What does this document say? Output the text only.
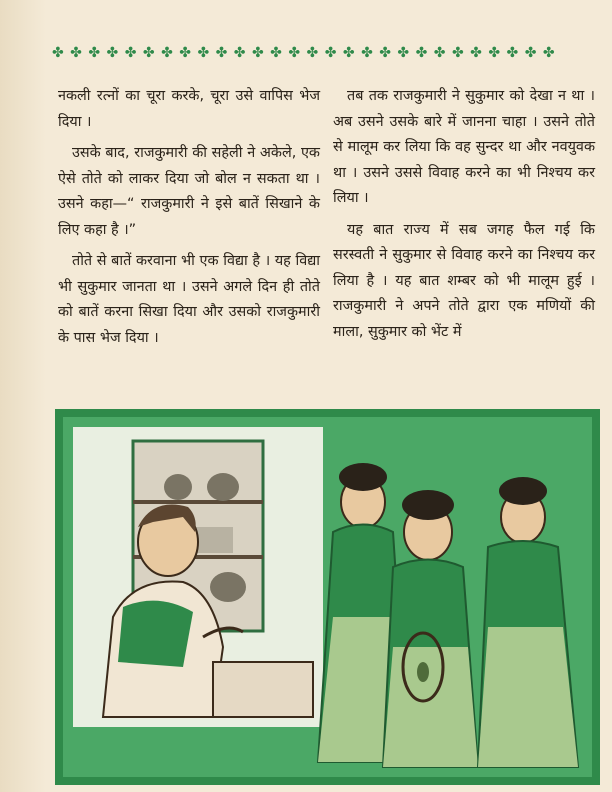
✤ ✤ ✤ ✤ ✤ ✤ ✤ ✤ ✤ ✤ ✤ ✤ ✤ ✤ ✤ ✤ ✤ ✤ ✤ ✤ ✤ ✤ ✤ ✤ ✤ ✤ ✤ ✤

नकली रत्नों का चूरा करके, चूरा उसे वापिस भेज दिया ।

उसके बाद, राजकुमारी की सहेली ने अकेले, एक ऐसे तोते को लाकर दिया जो बोल न सकता था । उसने कहा—“ राजकुमारी ने इसे बातें सिखाने के लिए कहा है ।”

तोते से बातें करवाना भी एक विद्या है । यह विद्या भी सुकुमार जानता था । उसने अगले दिन ही तोते को बातें करना सिखा दिया और उसको राजकुमारी के पास भेज दिया ।

तब तक राजकुमारी ने सुकुमार को देखा न था । अब उसने उसके बारे में जानना चाहा । उसने तोते से मालूम कर लिया कि वह सुन्दर था और नवयुवक था । उसने उससे विवाह करने का भी निश्चय कर लिया ।

यह बात राज्य में सब जगह फैल गई कि सरस्वती ने सुकुमार से विवाह करने का निश्चय कर लिया है । यह बात शम्बर को भी मालूम हुई । राजकुमारी ने अपने तोते द्वारा एक मणियों की माला, सुकुमार को भेंट में
